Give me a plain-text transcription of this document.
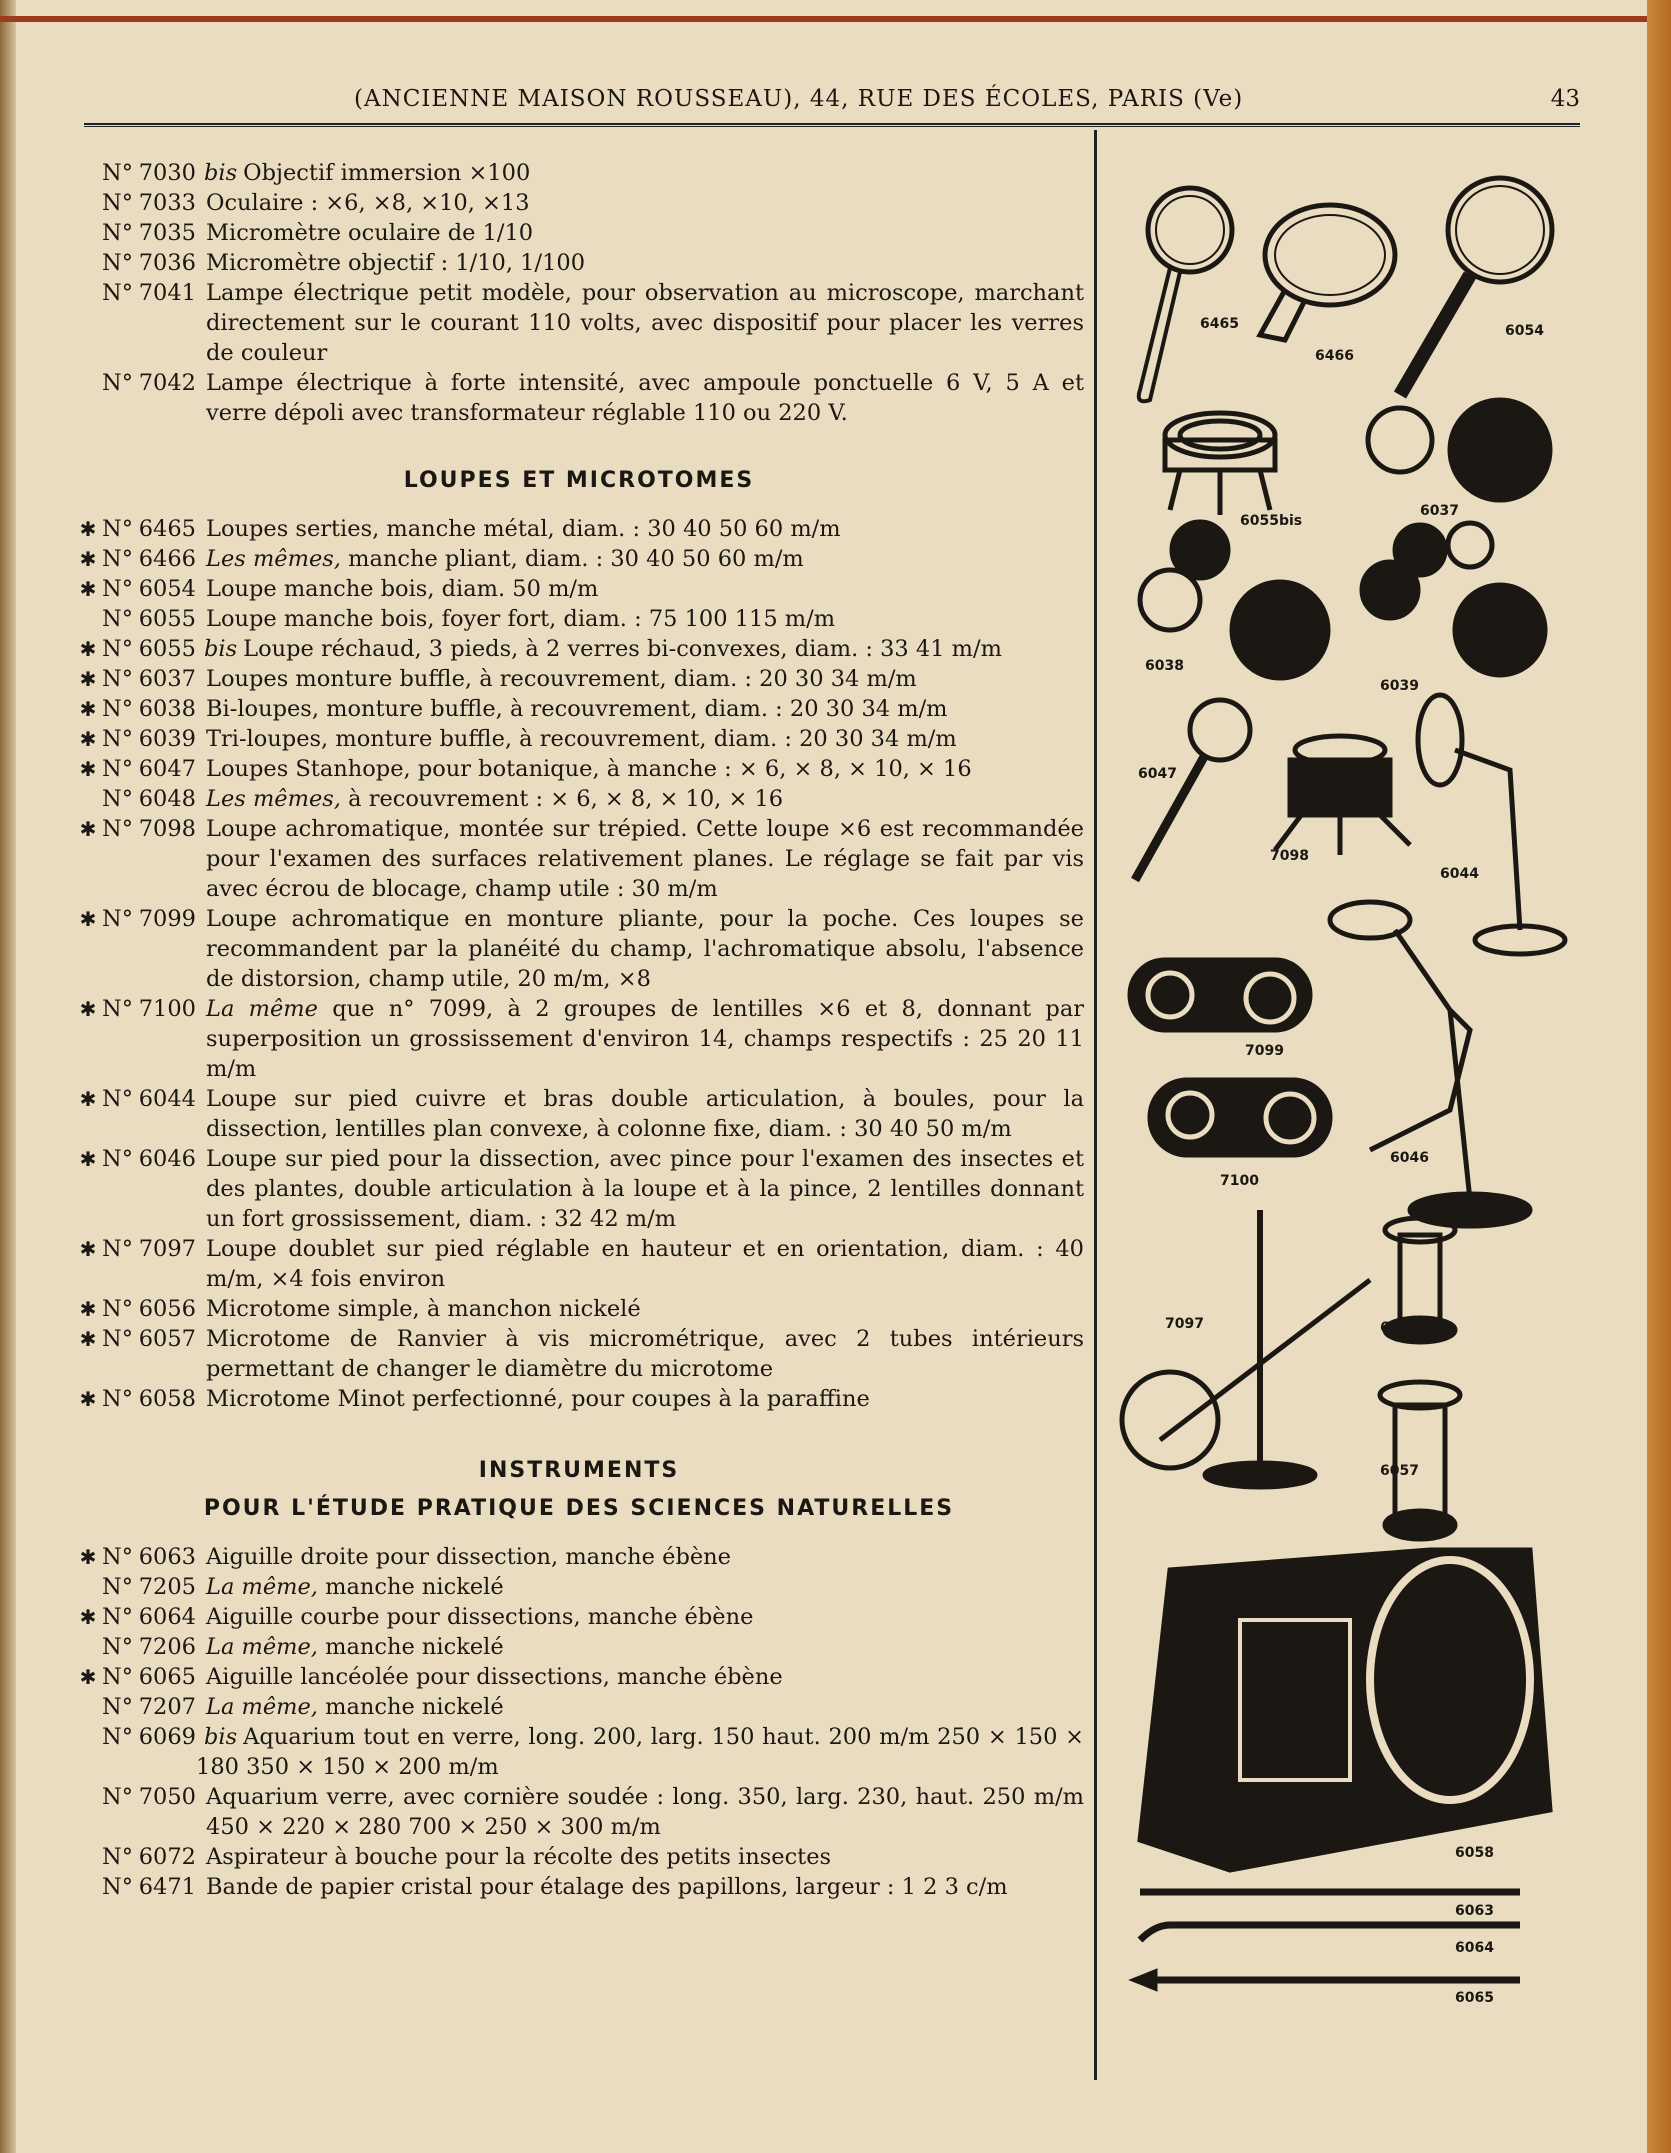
(ANCIENNE MAISON ROUSSEAU), 44, RUE DES ÉCOLES, PARIS (Ve)	43
N° 7030 bis Objectif immersion ×100
N° 7033 Oculaire : ×6, ×8, ×10, ×13
N° 7035 Micromètre oculaire de 1/10
N° 7036 Micromètre objectif : 1/10, 1/100
N° 7041 Lampe électrique petit modèle, pour observation au microscope, marchant directement sur le courant 110 volts, avec dispositif pour placer les verres de couleur
N° 7042 Lampe électrique à forte intensité, avec ampoule ponctuelle 6 V, 5 A et verre dépoli avec transformateur réglable 110 ou 220 V.
LOUPES ET MICROTOMES
✱ N° 6465 Loupes serties, manche métal, diam. : 30 40 50 60 m/m
✱ N° 6466 Les mêmes, manche pliant, diam. : 30 40 50 60 m/m
✱ N° 6054 Loupe manche bois, diam. 50 m/m
N° 6055 Loupe manche bois, foyer fort, diam. : 75 100 115 m/m
✱ N° 6055 bis Loupe réchaud, 3 pieds, à 2 verres bi-convexes, diam. : 33 41 m/m
✱ N° 6037 Loupes monture buffle, à recouvrement, diam. : 20 30 34 m/m
✱ N° 6038 Bi-loupes, monture buffle, à recouvrement, diam. : 20 30 34 m/m
✱ N° 6039 Tri-loupes, monture buffle, à recouvrement, diam. : 20 30 34 m/m
✱ N° 6047 Loupes Stanhope, pour botanique, à manche : × 6, × 8, × 10, × 16
N° 6048 Les mêmes, à recouvrement : × 6, × 8, × 10, × 16
✱ N° 7098 Loupe achromatique, montée sur trépied. Cette loupe ×6 est recommandée pour l'examen des surfaces relativement planes. Le réglage se fait par vis avec écrou de blocage, champ utile : 30 m/m
✱ N° 7099 Loupe achromatique en monture pliante, pour la poche. Ces loupes se recommandent par la planéité du champ, l'achromatique absolu, l'absence de distorsion, champ utile, 20 m/m, ×8
✱ N° 7100 La même que n° 7099, à 2 groupes de lentilles ×6 et 8, donnant par superposition un grossissement d'environ 14, champs respectifs : 25 20 11 m/m
✱ N° 6044 Loupe sur pied cuivre et bras double articulation, à boules, pour la dissection, lentilles plan convexe, à colonne fixe, diam. : 30 40 50 m/m
✱ N° 6046 Loupe sur pied pour la dissection, avec pince pour l'examen des insectes et des plantes, double articulation à la loupe et à la pince, 2 lentilles donnant un fort grossissement, diam. : 32 42 m/m
✱ N° 7097 Loupe doublet sur pied réglable en hauteur et en orientation, diam. : 40 m/m, ×4 fois environ
✱ N° 6056 Microtome simple, à manchon nickelé
✱ N° 6057 Microtome de Ranvier à vis micrométrique, avec 2 tubes intérieurs permettant de changer le diamètre du microtome
✱ N° 6058 Microtome Minot perfectionné, pour coupes à la paraffine
INSTRUMENTS
POUR L'ÉTUDE PRATIQUE DES SCIENCES NATURELLES
✱ N° 6063 Aiguille droite pour dissection, manche ébène
N° 7205 La même, manche nickelé
✱ N° 6064 Aiguille courbe pour dissections, manche ébène
N° 7206 La même, manche nickelé
✱ N° 6065 Aiguille lancéolée pour dissections, manche ébène
N° 7207 La même, manche nickelé
N° 6069 bis Aquarium tout en verre, long. 200, larg. 150 haut. 200 m/m 250 × 150 × 180 350 × 150 × 200 m/m
N° 7050 Aquarium verre, avec cornière soudée : long. 350, larg. 230, haut. 250 m/m 450 × 220 × 280 700 × 250 × 300 m/m
N° 6072 Aspirateur à bouche pour la récolte des petits insectes
N° 6471 Bande de papier cristal pour étalage des papillons, largeur : 1 2 3 c/m
6465
6466
6054
6055bis
6037
6038
6039
6047
7098
6044
7099
7100
6046
7097	6056
6057
6058
6063
6064
6065
